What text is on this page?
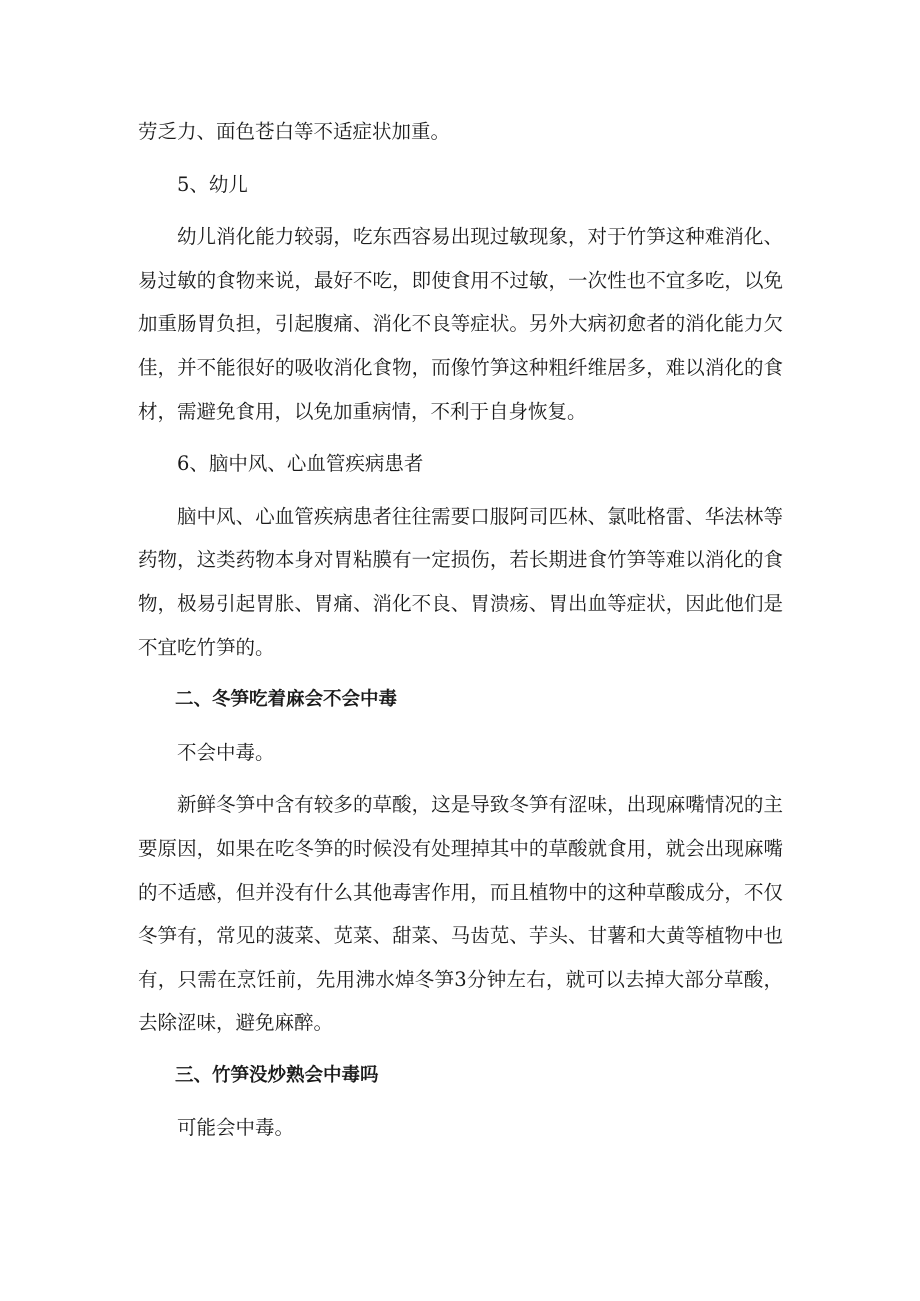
劳乏力、面色苍白等不适症状加重。

5、幼儿

幼儿消化能力较弱，吃东西容易出现过敏现象，对于竹笋这种难消化、易过敏的食物来说，最好不吃，即使食用不过敏，一次性也不宜多吃，以免加重肠胃负担，引起腹痛、消化不良等症状。另外大病初愈者的消化能力欠佳，并不能很好的吸收消化食物，而像竹笋这种粗纤维居多，难以消化的食材，需避免食用，以免加重病情，不利于自身恢复。

6、脑中风、心血管疾病患者

脑中风、心血管疾病患者往往需要口服阿司匹林、氯吡格雷、华法林等药物，这类药物本身对胃粘膜有一定损伤，若长期进食竹笋等难以消化的食物，极易引起胃胀、胃痛、消化不良、胃溃疡、胃出血等症状，因此他们是不宜吃竹笋的。

二、冬笋吃着麻会不会中毒

不会中毒。

新鲜冬笋中含有较多的草酸，这是导致冬笋有涩味，出现麻嘴情况的主要原因，如果在吃冬笋的时候没有处理掉其中的草酸就食用，就会出现麻嘴的不适感，但并没有什么其他毒害作用，而且植物中的这种草酸成分，不仅冬笋有，常见的菠菜、苋菜、甜菜、马齿苋、芋头、甘薯和大黄等植物中也有，只需在烹饪前，先用沸水焯冬笋3分钟左右，就可以去掉大部分草酸，去除涩味，避免麻醉。

三、竹笋没炒熟会中毒吗

可能会中毒。
